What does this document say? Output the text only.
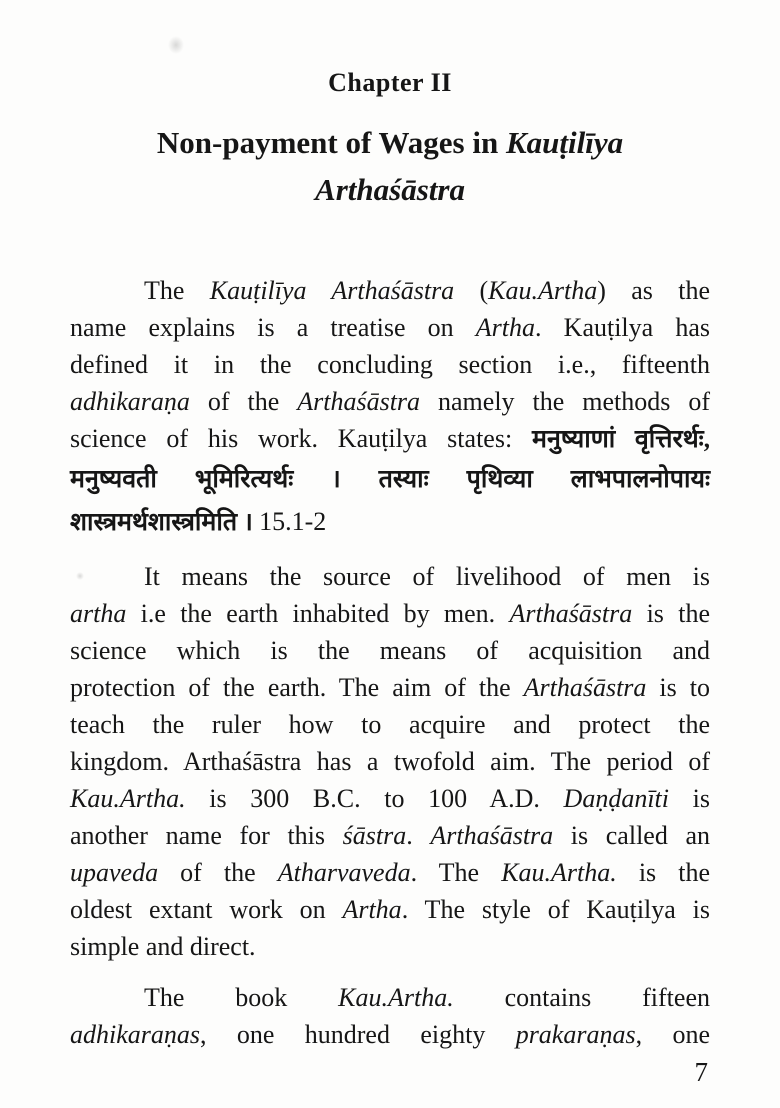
Chapter II
Non-payment of Wages in Kauṭilīya
Arthaśāstra
The Kauṭilīya Arthaśāstra (Kau.Artha) as the
name explains is a treatise on Artha. Kauṭilya has
defined it in the concluding section i.e., fifteenth
adhikaraṇa of the Arthaśāstra namely the methods of
science of his work. Kauṭilya states: मनुष्याणां वृत्तिरर्थः,
मनुष्यवती भूमिरित्यर्थः । तस्याः पृथिव्या लाभपालनोपायः
शास्त्रमर्थशास्त्रमिति । 15.1-2
It means the source of livelihood of men is
artha i.e the earth inhabited by men. Arthaśāstra is the
science which is the means of acquisition and
protection of the earth. The aim of the Arthaśāstra is to
teach the ruler how to acquire and protect the
kingdom. Arthaśāstra has a twofold aim. The period of
Kau.Artha. is 300 B.C. to 100 A.D. Daṇḍanīti is
another name for this śāstra. Arthaśāstra is called an
upaveda of the Atharvaveda. The Kau.Artha. is the
oldest extant work on Artha. The style of Kauṭilya is
simple and direct.
The book Kau.Artha. contains fifteen
adhikaraṇas, one hundred eighty prakaraṇas, one
7
